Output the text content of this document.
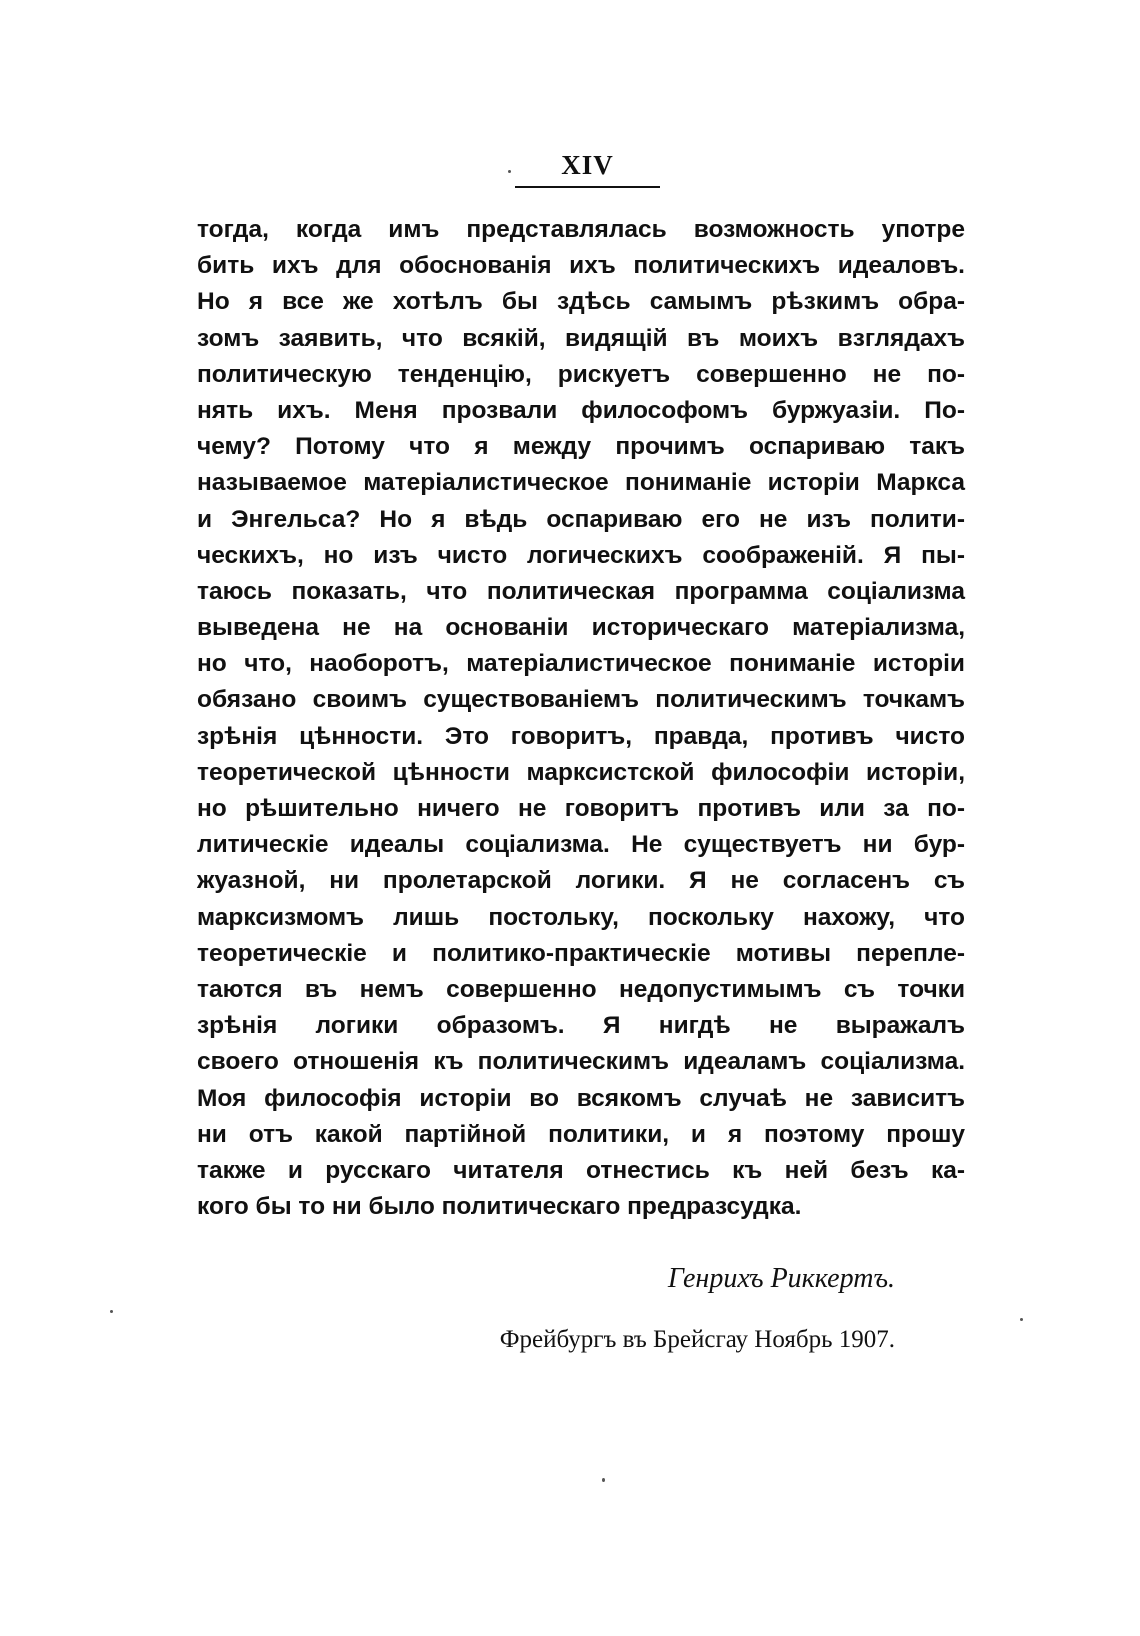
XIV
тогда, когда имъ представлялась возможность употре
бить ихъ для обоснованія ихъ политическихъ идеаловъ.
Но я все же хотѣлъ бы здѣсь самымъ рѣзкимъ обра-
зомъ заявить, что всякій, видящій въ моихъ взглядахъ
политическую тенденцію, рискуетъ совершенно не по-
нять ихъ. Меня прозвали философомъ буржуазіи. По-
чему? Потому что я между прочимъ оспариваю такъ
называемое матеріалистическое пониманіе исторіи Маркса
и Энгельса? Но я вѣдь оспариваю его не изъ полити-
ческихъ, но изъ чисто логическихъ соображеній. Я пы-
таюсь показать, что политическая программа соціализма
выведена не на основаніи историческаго матеріализма,
но что, наоборотъ, матеріалистическое пониманіе исторіи
обязано своимъ существованіемъ политическимъ точкамъ
зрѣнія цѣнности. Это говоритъ, правда, противъ чисто
теоретической цѣнности марксистской философіи исторіи,
но рѣшительно ничего не говоритъ противъ или за по-
литическіе идеалы соціализма. Не существуетъ ни бур-
жуазной, ни пролетарской логики. Я не согласенъ съ
марксизмомъ лишь постольку, поскольку нахожу, что
теоретическіе и политико-практическіе мотивы перепле-
таются въ немъ совершенно недопустимымъ съ точки
зрѣнія логики образомъ. Я нигдѣ не выражалъ
своего отношенія къ политическимъ идеаламъ соціализма.
Моя философія исторіи во всякомъ случаѣ не зависитъ
ни отъ какой партійной политики, и я поэтому прошу
также и русскаго читателя отнестись къ ней безъ ка-
кого бы то ни было политическаго предразсудка.
Генрихъ Риккертъ.
Фрейбургъ въ Брейсгау Ноябрь 1907.
